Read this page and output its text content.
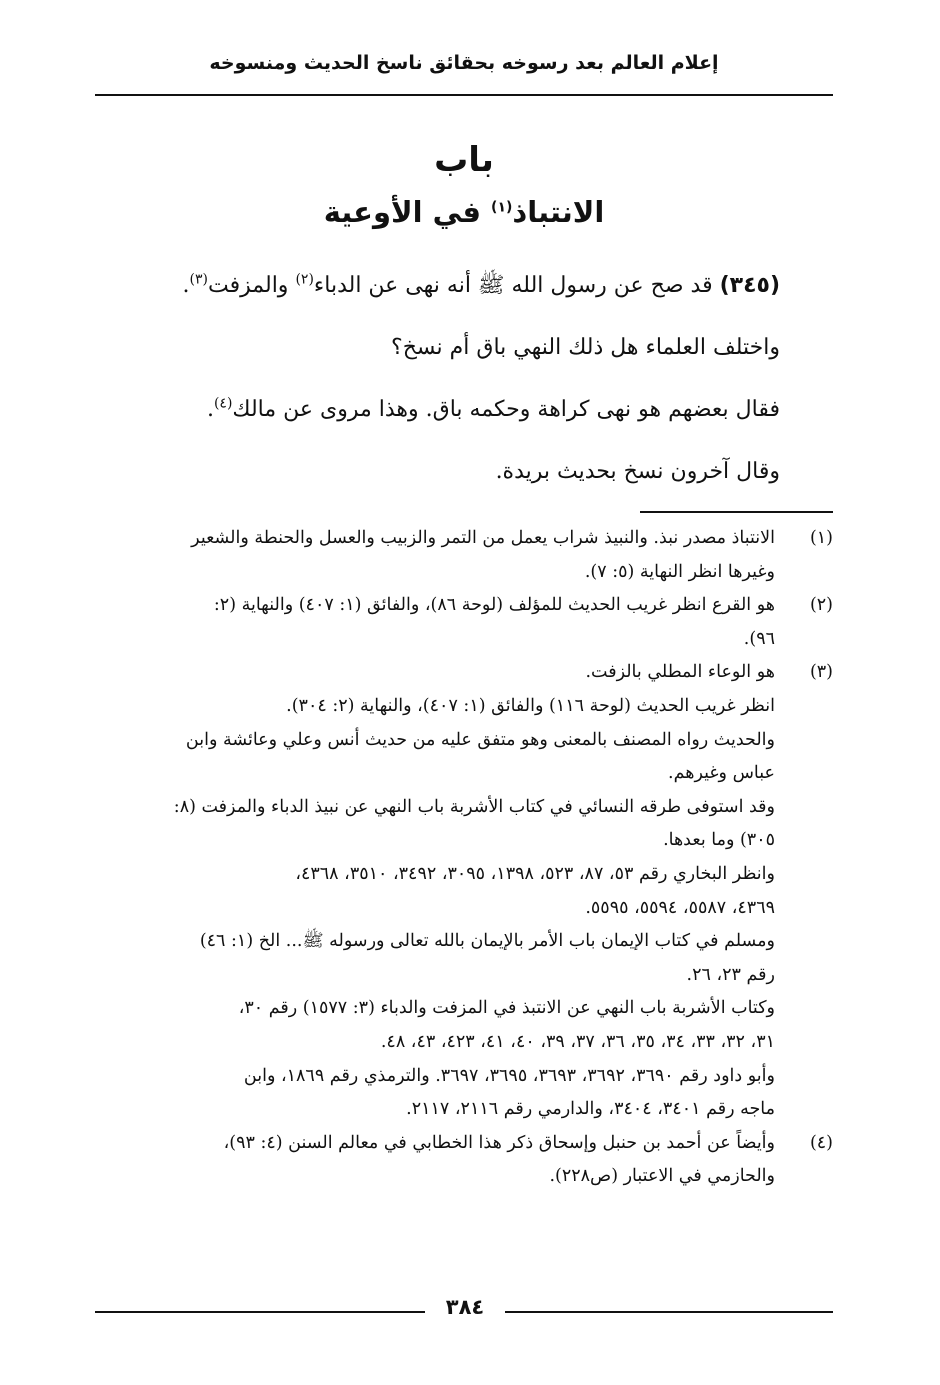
إعلام العالم بعد رسوخه بحقائق ناسخ الحديث ومنسوخه
باب
الانتباذ$^{(١)}$ في الأوعية

(٣٤٥) قد صح عن رسول الله ﷺ أنه نهى عن الدباء$^{(٢)}$ والمزفت$^{(٣)}$.

واختلف العلماء هل ذلك النهي باق أم نسخ؟

فقال بعضهم هو نهى كراهة وحكمه باق. وهذا مروى عن مالك$^{(٤)}$.

وقال آخرون نسخ بحديث بريدة.

(١)
الانتباذ مصدر نبذ. والنبيذ شراب يعمل من التمر والزبيب والعسل والحنطة والشعير
وغيرها انظر النهاية (٥: ٧).
(٢)
هو القرع انظر غريب الحديث للمؤلف (لوحة ٨٦)، والفائق (١: ٤٠٧) والنهاية (٢:
٩٦).
(٣)
هو الوعاء المطلي بالزفت.
انظر غريب الحديث (لوحة ١١٦) والفائق (١: ٤٠٧)، والنهاية (٢: ٣٠٤).
والحديث رواه المصنف بالمعنى وهو متفق عليه من حديث أنس وعلي وعائشة وابن
عباس وغيرهم.
وقد استوفى طرقه النسائي في كتاب الأشربة باب النهي عن نبيذ الدباء والمزفت (٨:
٣٠٥) وما بعدها.
وانظر البخاري رقم ٥٣، ٨٧، ٥٢٣، ١٣٩٨، ٣٠٩٥، ٣٤٩٢، ٣٥١٠، ٤٣٦٨،
٤٣٦٩، ٥٥٨٧، ٥٥٩٤، ٥٥٩٥.
ومسلم في كتاب الإيمان باب الأمر بالإيمان بالله تعالى ورسوله ﷺ... الخ (١: ٤٦)
رقم ٢٣، ٢٦.
وكتاب الأشربة باب النهي عن الانتبذ في المزفت والدباء (٣: ١٥٧٧) رقم ٣٠،
٣١، ٣٢، ٣٣، ٣٤، ٣٥، ٣٦، ٣٧، ٣٩، ٤٠، ٤١، ٤٢٣، ٤٣، ٤٨.
وأبو داود رقم ٣٦٩٠، ٣٦٩٢، ٣٦٩٣، ٣٦٩٥، ٣٦٩٧. والترمذي رقم ١٨٦٩، وابن
ماجه رقم ٣٤٠١، ٣٤٠٤، والدارمي رقم ٢١١٦، ٢١١٧.
(٤)
وأيضاً عن أحمد بن حنبل وإسحاق ذكر هذا الخطابي في معالم السنن (٤: ٩٣)،
والحازمي في الاعتبار (ص٢٢٨).
٣٨٤
